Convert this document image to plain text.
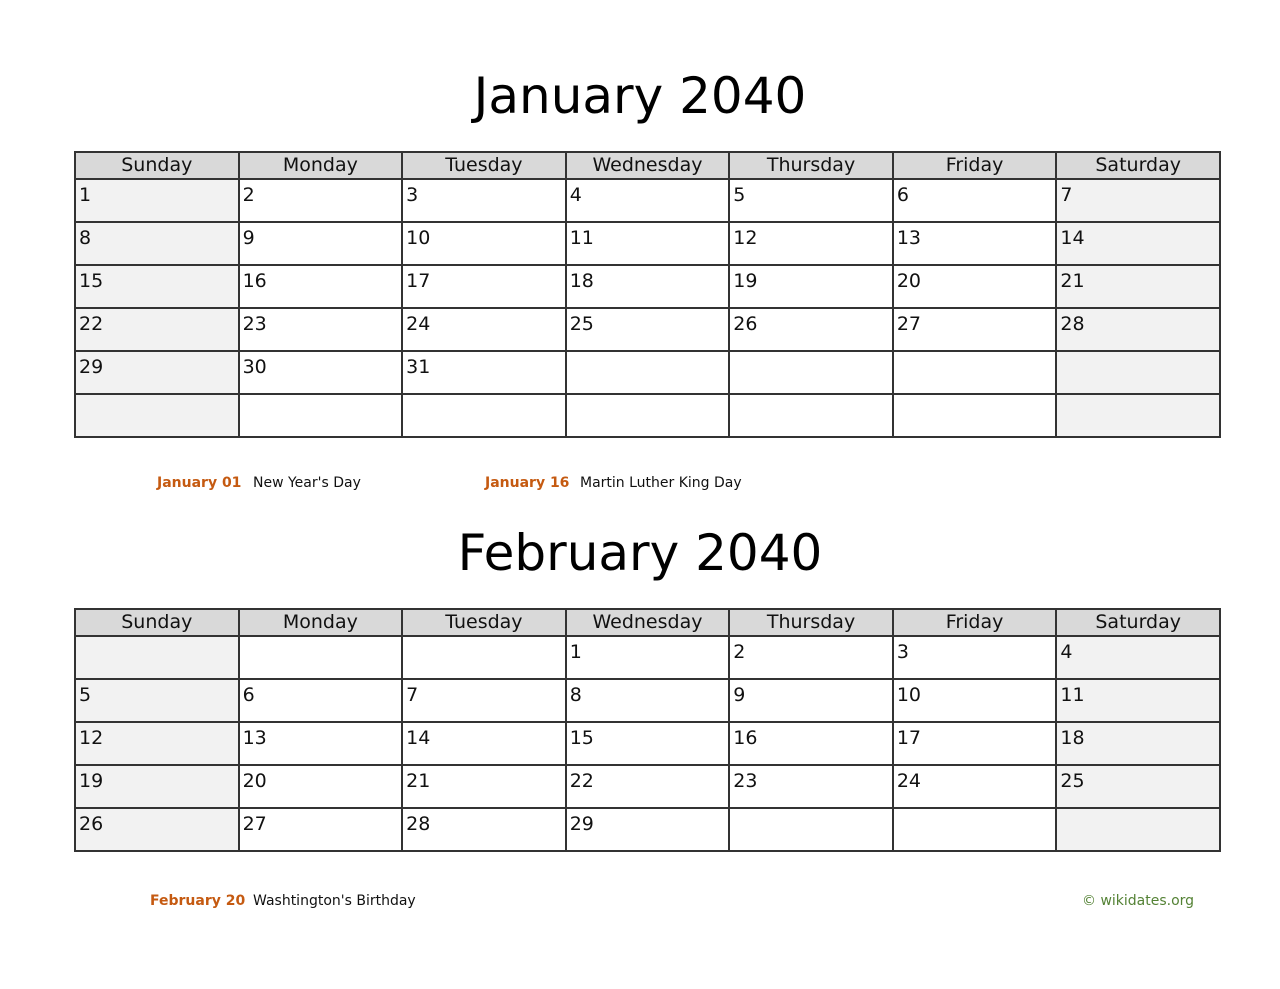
January 2040
Sunday	Monday	Tuesday	Wednesday	Thursday	Friday	Saturday

1	2	3	4	5	6	7

8	9	10	11	12	13	14

15	16	17	18	19	20	21

22	23	24	25	26	27	28

29	30	31				

January 01 New Year's Day	January 16 Martin Luther King Day
February 2040
Sunday	Monday	Tuesday	Wednesday	Thursday	Friday	Saturday

			1	2	3	4

5	6	7	8	9	10	11

12	13	14	15	16	17	18

19	20	21	22	23	24	25

26	27	28	29			

February 20 Washtington's Birthday	© wikidates.org
